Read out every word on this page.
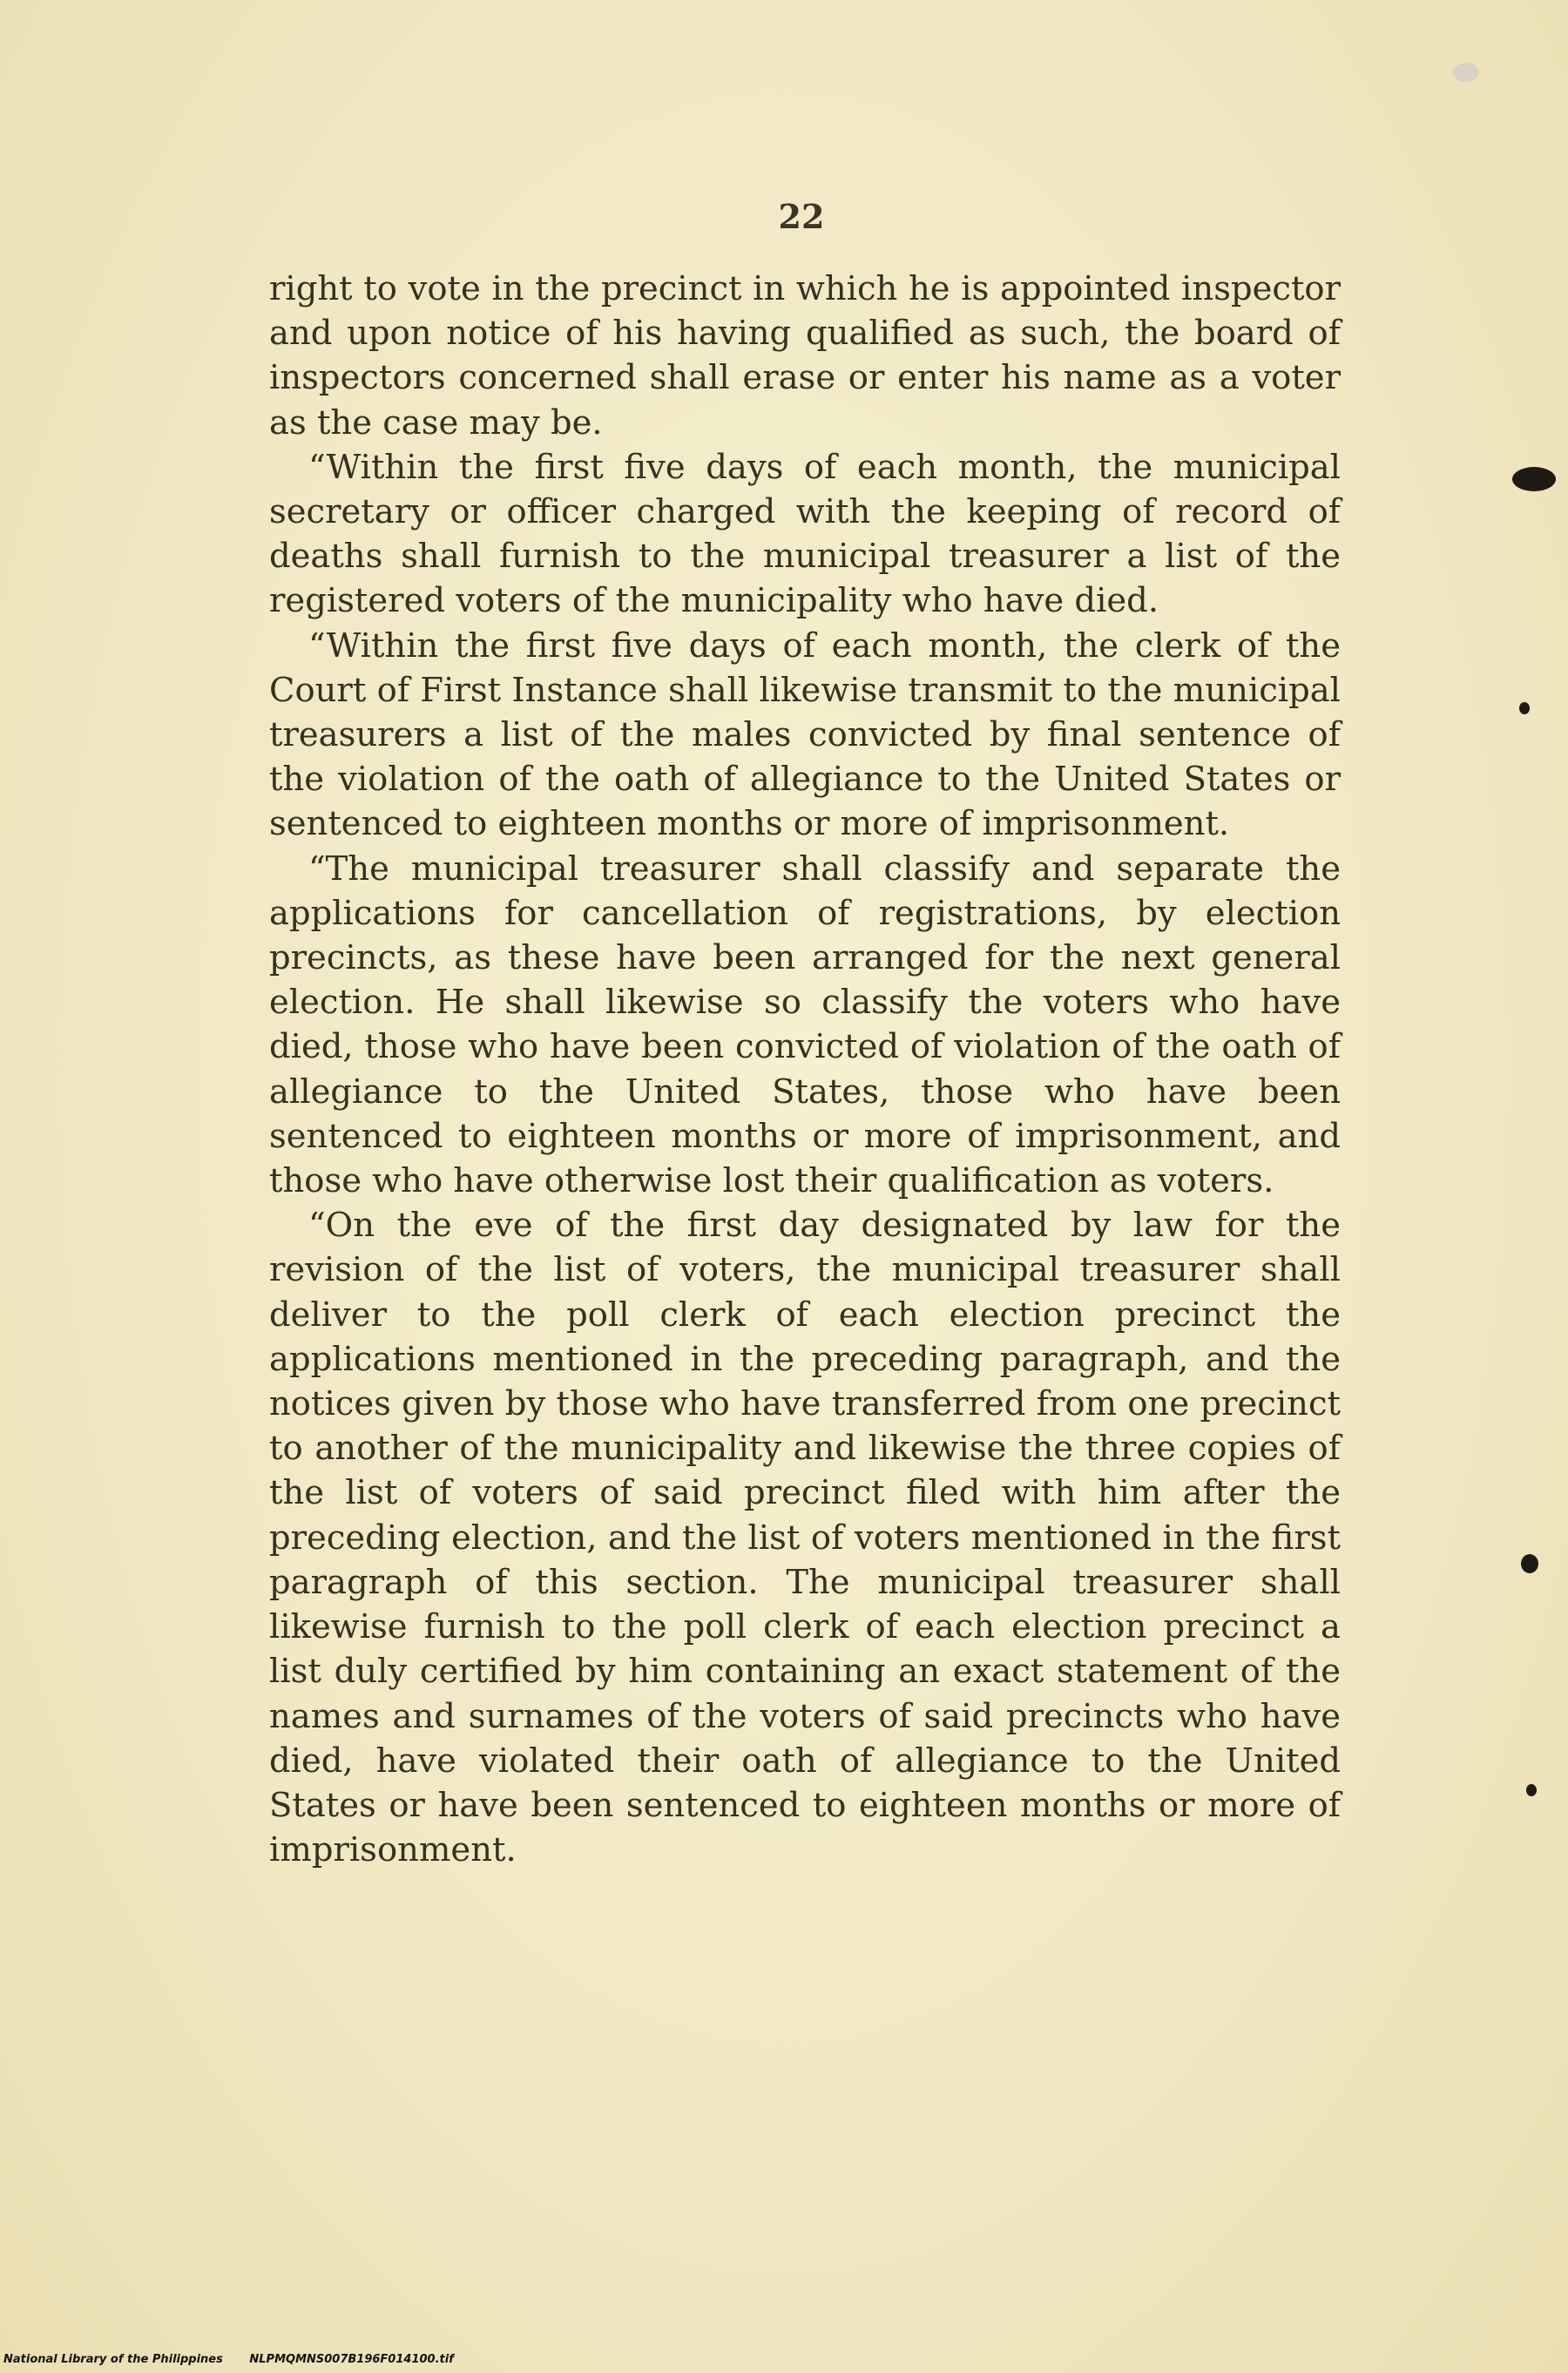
22

right to vote in the precinct in which he is appointed inspector and upon notice of his having qualified as such, the board of inspectors concerned shall erase or enter his name as a voter as the case may be.

“Within the first five days of each month, the municipal secretary or officer charged with the keeping of record of deaths shall furnish to the municipal treasurer a list of the registered voters of the municipality who have died.

“Within the first five days of each month, the clerk of the Court of First Instance shall likewise transmit to the municipal treasurers a list of the males convicted by final sentence of the violation of the oath of allegiance to the United States or sentenced to eighteen months or more of imprisonment.

“The municipal treasurer shall classify and separate the applications for cancellation of registrations, by election precincts, as these have been arranged for the next general election. He shall likewise so classify the voters who have died, those who have been convicted of violation of the oath of allegiance to the United States, those who have been sentenced to eighteen months or more of imprisonment, and those who have otherwise lost their qualification as voters.

“On the eve of the first day designated by law for the revision of the list of voters, the municipal treasurer shall deliver to the poll clerk of each election precinct the applications mentioned in the preceding paragraph, and the notices given by those who have transferred from one precinct to another of the municipality and likewise the three copies of the list of voters of said precinct filed with him after the preceding election, and the list of voters mentioned in the first paragraph of this section. The municipal treasurer shall likewise furnish to the poll clerk of each election precinct a list duly certified by him containing an exact statement of the names and surnames of the voters of said precincts who have died, have violated their oath of allegiance to the United States or have been sentenced to eighteen months or more of imprisonment.

National Library of the Philippines NLPMQMNS007B196F014100.tif
